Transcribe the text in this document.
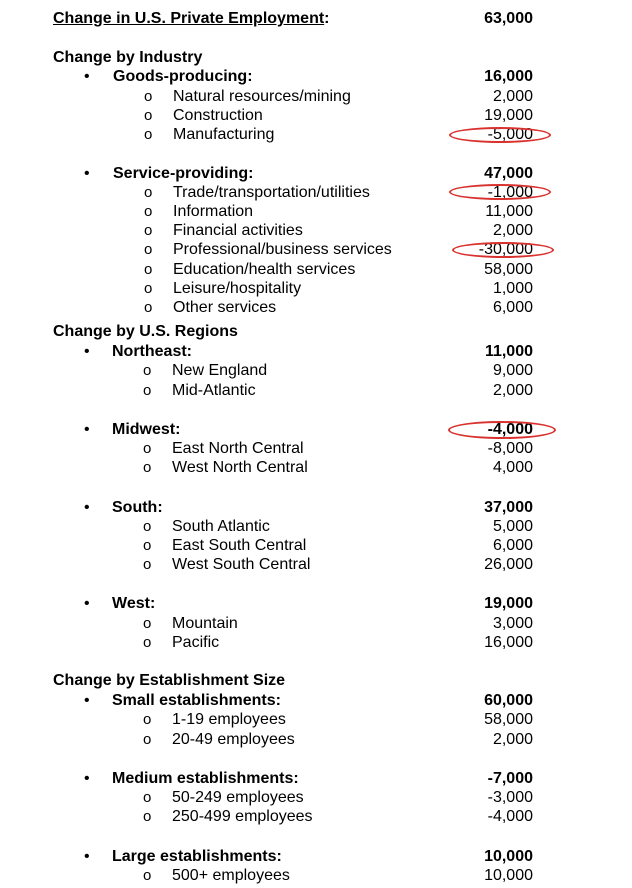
Change in U.S. Private Employment:	63,000
Change by Industry
• Goods-producing:	16,000
o Natural resources/mining	2,000
o Construction	19,000
o Manufacturing	-5,000
• Service-providing:	47,000
o Trade/transportation/utilities	-1,000
o Information	11,000
o Financial activities	2,000
o Professional/business services	-30,000
o Education/health services	58,000
o Leisure/hospitality	1,000
o Other services	6,000
Change by U.S. Regions
• Northeast:	11,000
o New England	9,000
o Mid-Atlantic	2,000
• Midwest:	-4,000
o East North Central	-8,000
o West North Central	4,000
• South:	37,000
o South Atlantic	5,000
o East South Central	6,000
o West South Central	26,000
• West:	19,000
o Mountain	3,000
o Pacific	16,000
Change by Establishment Size
• Small establishments:	60,000
o 1-19 employees	58,000
o 20-49 employees	2,000
• Medium establishments:	-7,000
o 50-249 employees	-3,000
o 250-499 employees	-4,000
• Large establishments:	10,000
o 500+ employees	10,000
